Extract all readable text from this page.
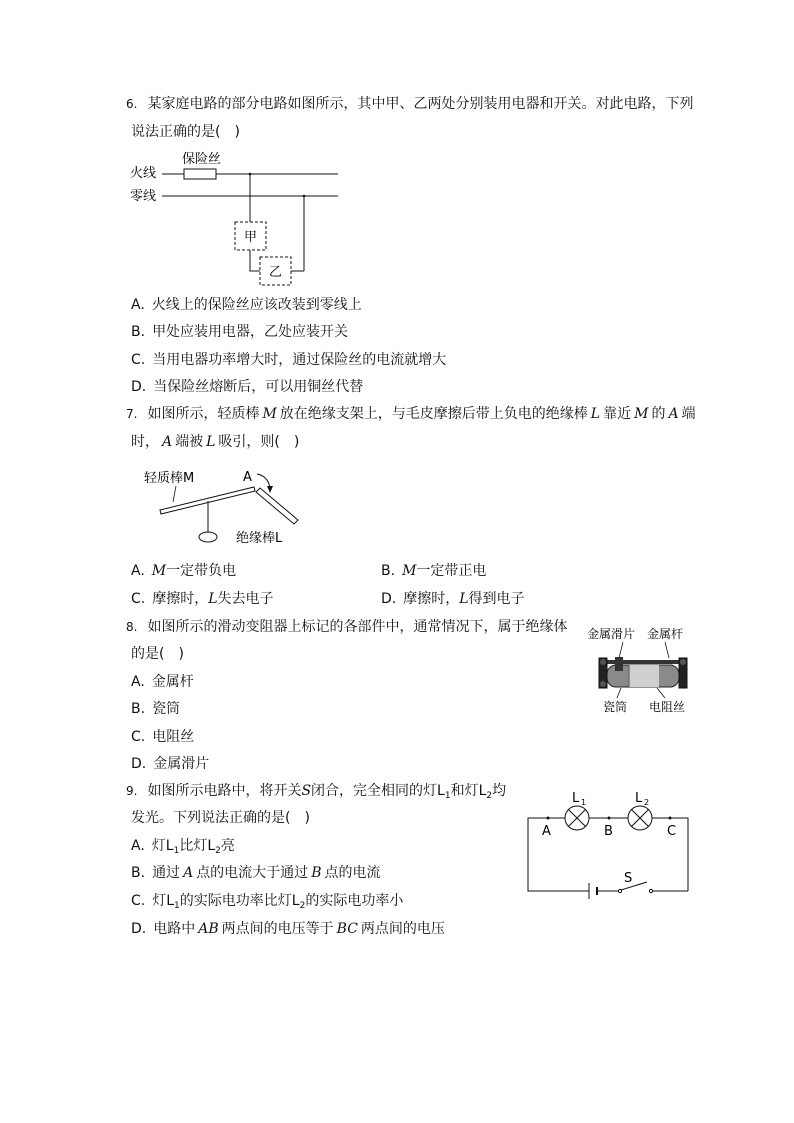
6. 某家庭电路的部分电路如图所示，其中甲、乙两处分别装用电器和开关。对此电路，下列
说法正确的是(　)
火线
零线
保险丝
甲
乙
A. 火线上的保险丝应该改装到零线上
B. 甲处应装用电器，乙处应装开关
C. 当用电器功率增大时，通过保险丝的电流就增大
D. 当保险丝熔断后，可以用铜丝代替
7. 如图所示，轻质棒 M 放在绝缘支架上，与毛皮摩擦后带上负电的绝缘棒 L 靠近 M 的 A 端
时， A 端被 L 吸引，则(　)
轻质棒M	A
绝缘棒L
A. M一定带负电	B. M一定带正电
C. 摩擦时，L失去电子	D. 摩擦时，L得到电子
8. 如图所示的滑动变阻器上标记的各部件中，通常情况下，属于绝缘体
的是(　)
金属滑片 金属杆
瓷筒 电阻丝
A. 金属杆
B. 瓷筒
C. 电阻丝
D. 金属滑片
9. 如图所示电路中，将开关S闭合，完全相同的灯$L_1$和灯$L_2$均
发光。下列说法正确的是(　)
A	B	C
L 1	L 2
S
A. 灯$L_1$比灯$L_2$亮
B. 通过 A 点的电流大于通过 B 点的电流
C. 灯$L_1$的实际电功率比灯$L_2$的实际电功率小
D. 电路中 AB 两点间的电压等于 BC 两点间的电压
